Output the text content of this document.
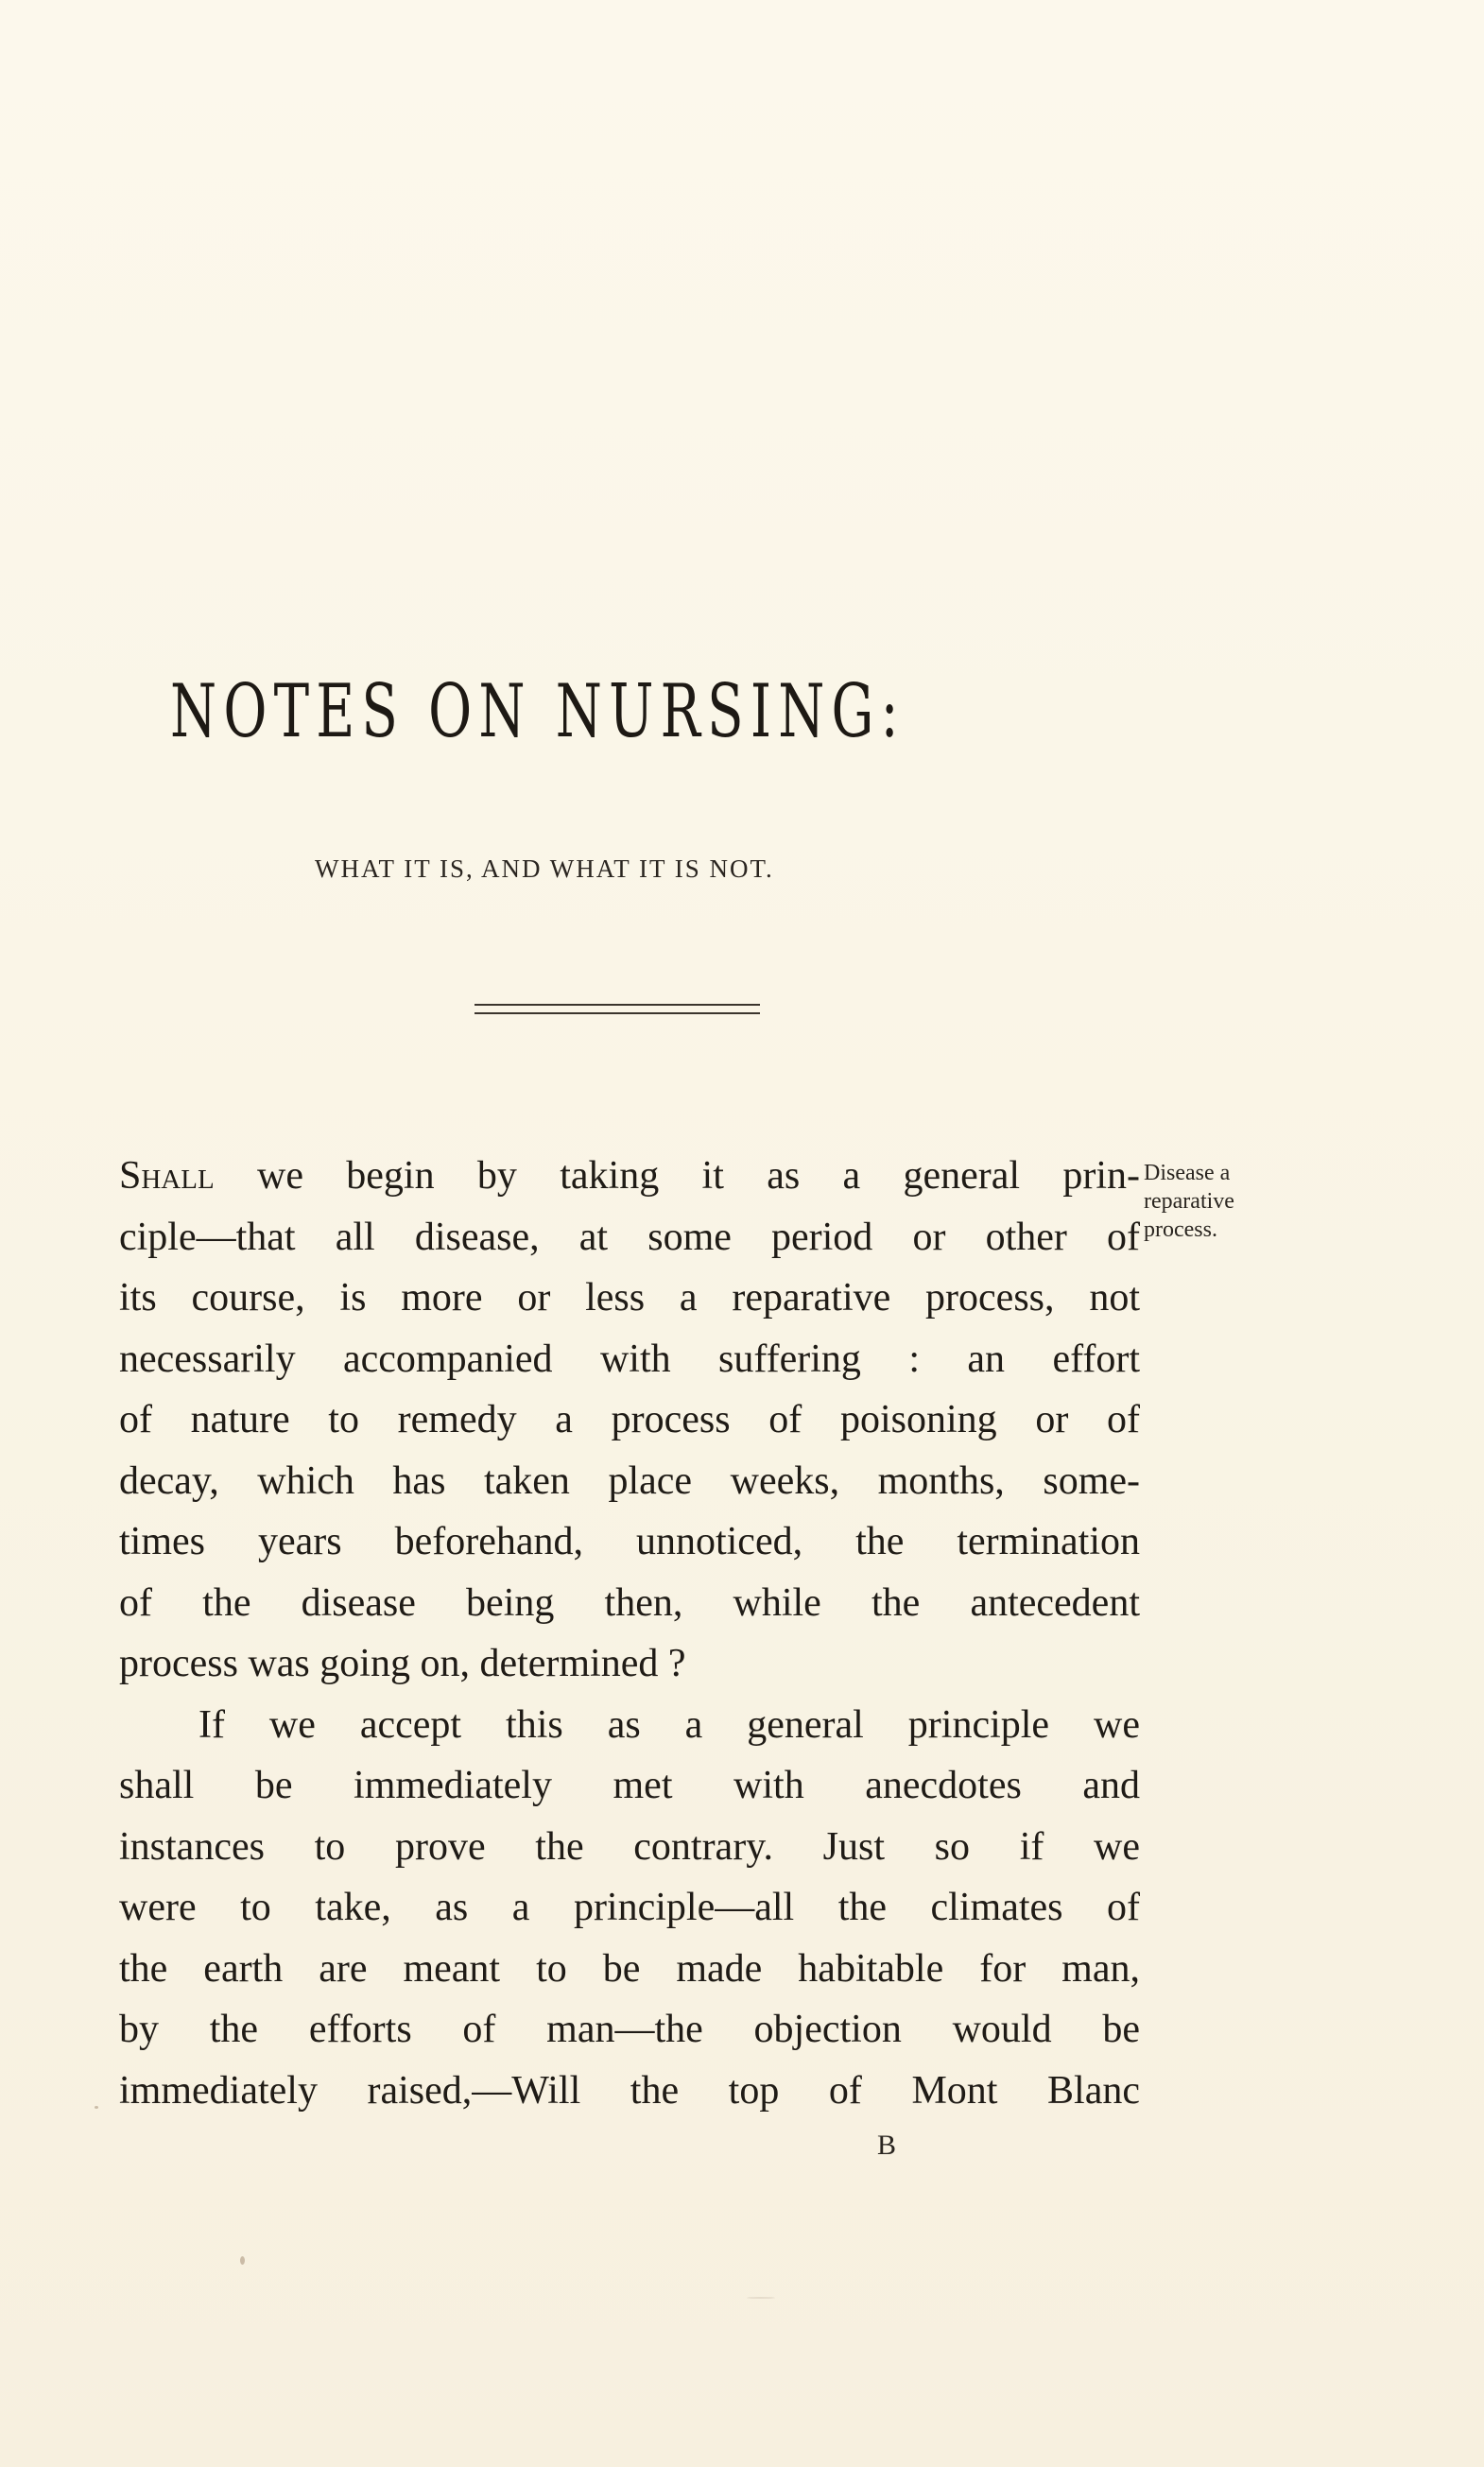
NOTES ON NURSING:
WHAT IT IS, AND WHAT IT IS NOT.
Disease a
reparative
process.
Shall we begin by taking it as a general prin-
ciple—that all disease, at some period or other of
its course, is more or less a reparative process, not
necessarily accompanied with suffering : an effort
of nature to remedy a process of poisoning or of
decay, which has taken place weeks, months, some-
times years beforehand, unnoticed, the termination
of the disease being then, while the antecedent
process was going on, determined ?
If we accept this as a general principle we
shall be immediately met with anecdotes and
instances to prove the contrary. Just so if we
were to take, as a principle—all the climates of
the earth are meant to be made habitable for man,
by the efforts of man—the objection would be
immediately raised,—Will the top of Mont Blanc
B
